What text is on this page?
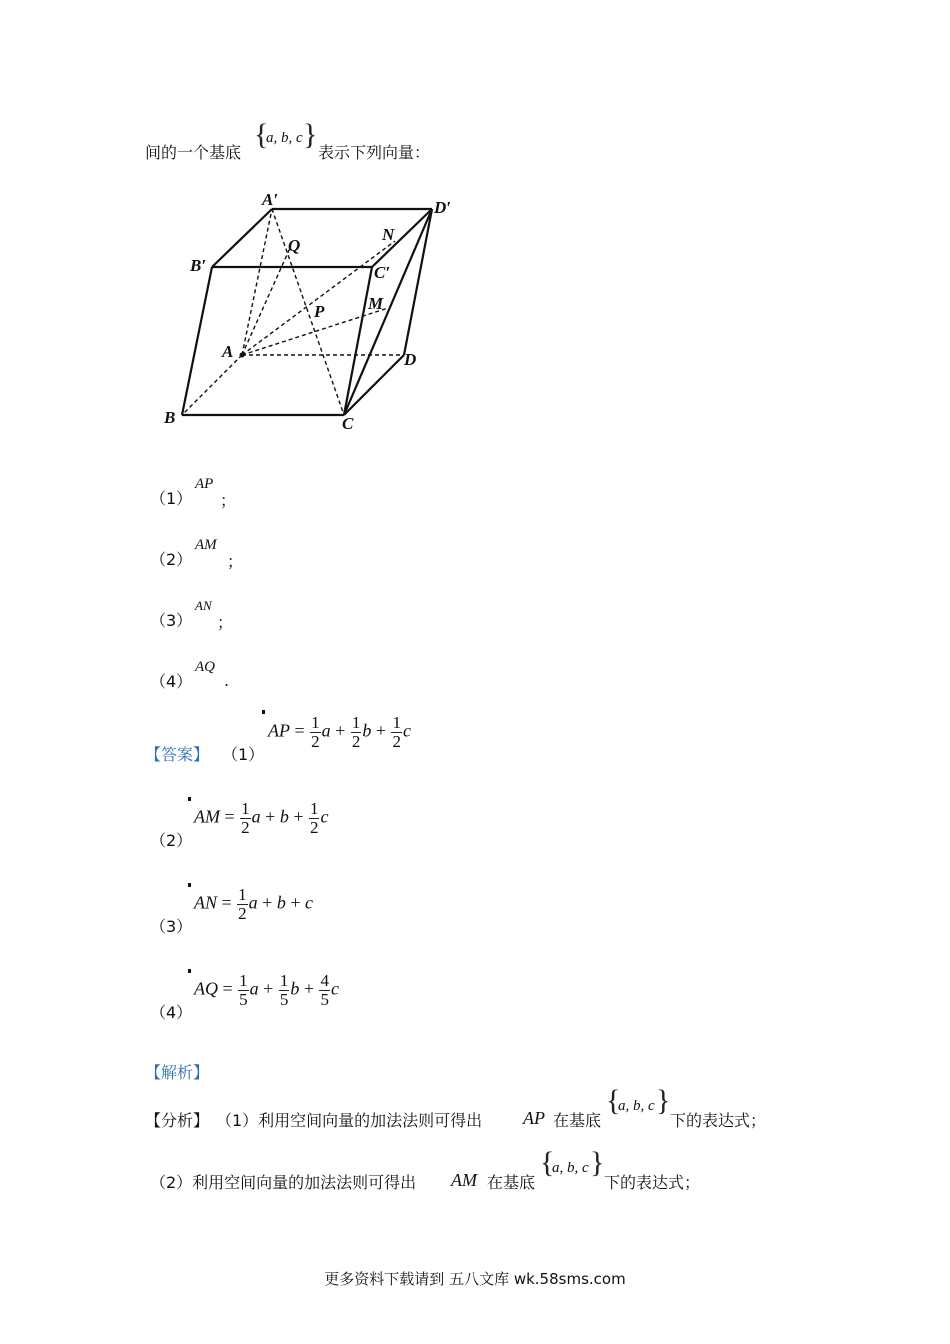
间的一个基底
{
a, b, c }
表示下列向量：
A′	D′
B′	C′
Q
N
M
P
A
B	C
D
（1）
AP
；
（2）
AM
；
（3）
AN
；
（4）
AQ
.
【答案】 （1）
AP = $\frac{1}{2}$ $a + \frac{1}{2}$ $b + \frac{1}{2}$ c
（2）
AM = $\frac{1}{2}$ $a + b + \frac{1}{2}$ c
（3）
AN = $\frac{1}{2}$ a + b + c
（4）
AQ = $\frac{1}{5}$ $a + \frac{1}{5}$ $b + \frac{4}{5}$ c
【解析】
【分析】 （1）利用空间向量的加法法则可得出 AP 在基底
{
a, b, c }
下的表达式；
（2）利用空间向量的加法法则可得出 AM 在基底
{
a, b, c }
下的表达式；
更多资料下载请到 五八文库 wk.58sms.com
